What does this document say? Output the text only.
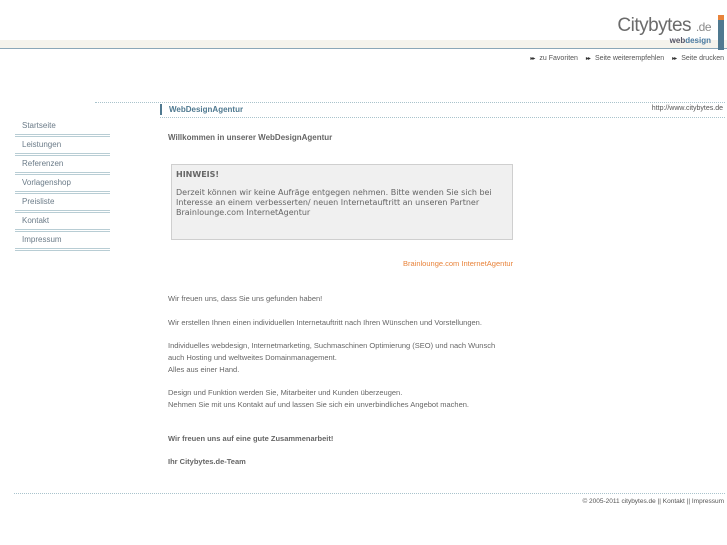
Citybytes .de
webdesign
▸▸ zu Favoriten ▸▸ Seite weiterempfehlen ▸▸ Seite drucken
WebDesignAgentur	http://www.citybytes.de
Startseite
Leistungen
Referenzen
Vorlagenshop
Preisliste
Kontakt
Impressum
Willkommen in unserer WebDesignAgentur
HINWEIS!
Derzeit können wir keine Aufräge entgegen nehmen. Bitte wenden Sie sich bei Interesse an einem verbesserten/ neuen Internetauftritt an unseren Partner Brainlounge.com InternetAgentur
Brainlounge.com InternetAgentur
Wir freuen uns, dass Sie uns gefunden haben!
Wir erstellen Ihnen einen individuellen Internetauftritt nach Ihren Wünschen und Vorstellungen.
Individuelles webdesign, Internetmarketing, Suchmaschinen Optimierung (SEO) und nach Wunsch
auch Hosting und weltweites Domainmanagement.
Alles aus einer Hand.
Design und Funktion werden Sie, Mitarbeiter und Kunden überzeugen.
Nehmen Sie mit uns Kontakt auf und lassen Sie sich ein unverbindliches Angebot machen.
Wir freuen uns auf eine gute Zusammenarbeit!
Ihr Citybytes.de-Team
© 2005-2011 citybytes.de || Kontakt || Impressum
